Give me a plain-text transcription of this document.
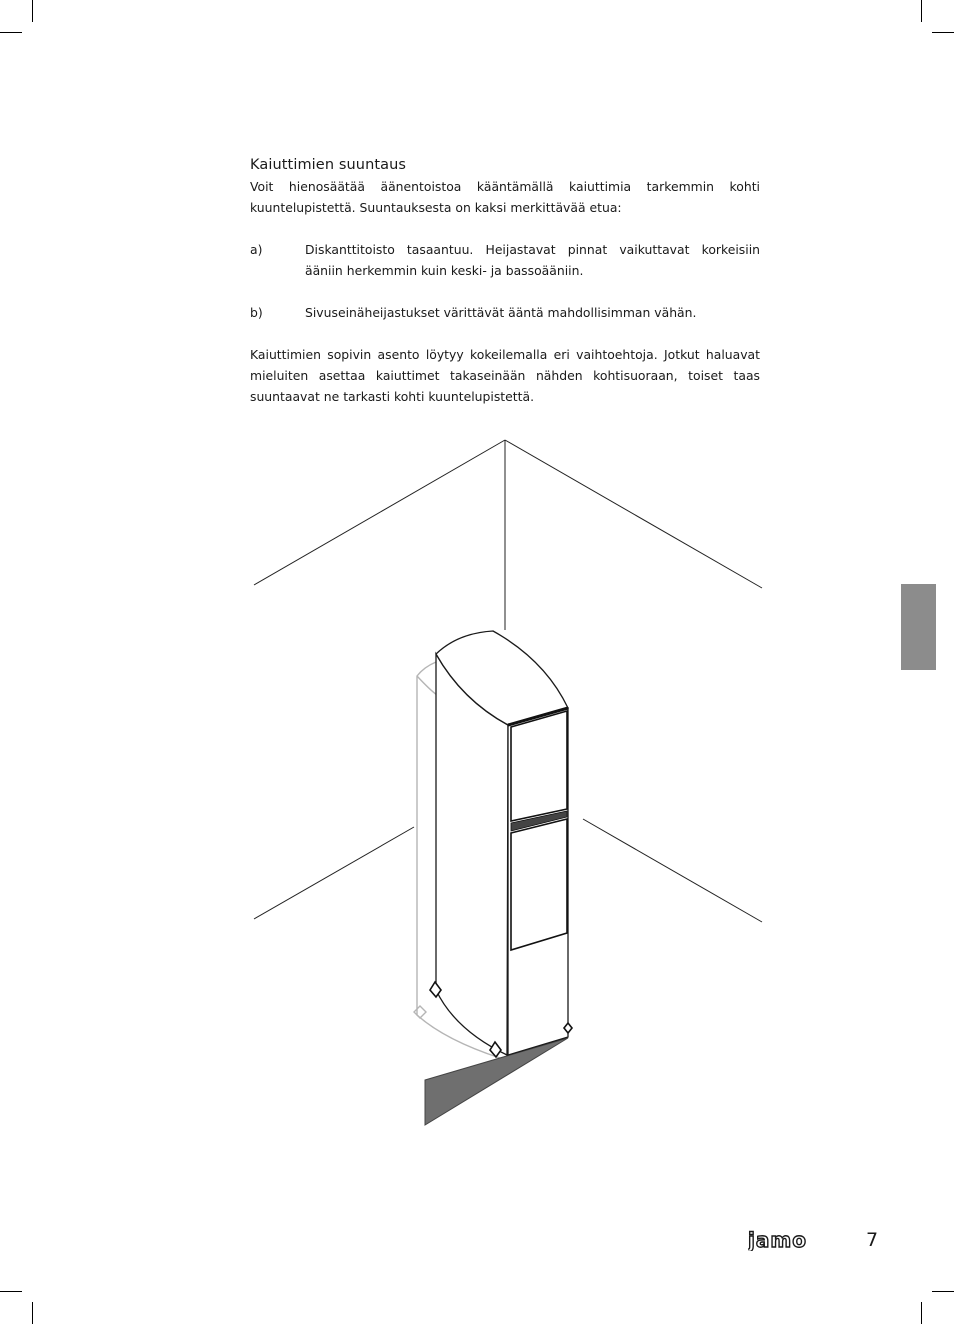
Kaiuttimien suuntaus

Voit hienosäätää äänentoistoa kääntämällä kaiuttimia tarkemmin kohti kuuntelupistettä. Suuntauksesta on kaksi merkittävää etua:

a)	Diskanttitoisto tasaantuu. Heijastavat pinnat vaikuttavat korkeisiin ääniin herkemmin kuin keski- ja bassoääniin.
b)	Sivuseinäheijastukset värittävät ääntä mahdollisimman vähän.

Kaiuttimien sopivin asento löytyy kokeilemalla eri vaihtoehtoja. Jotkut haluavat mieluiten asettaa kaiuttimet takaseinään nähden kohtisuoraan, toiset taas suuntaavat ne tarkasti kohti kuuntelupistettä.

jamo	7
